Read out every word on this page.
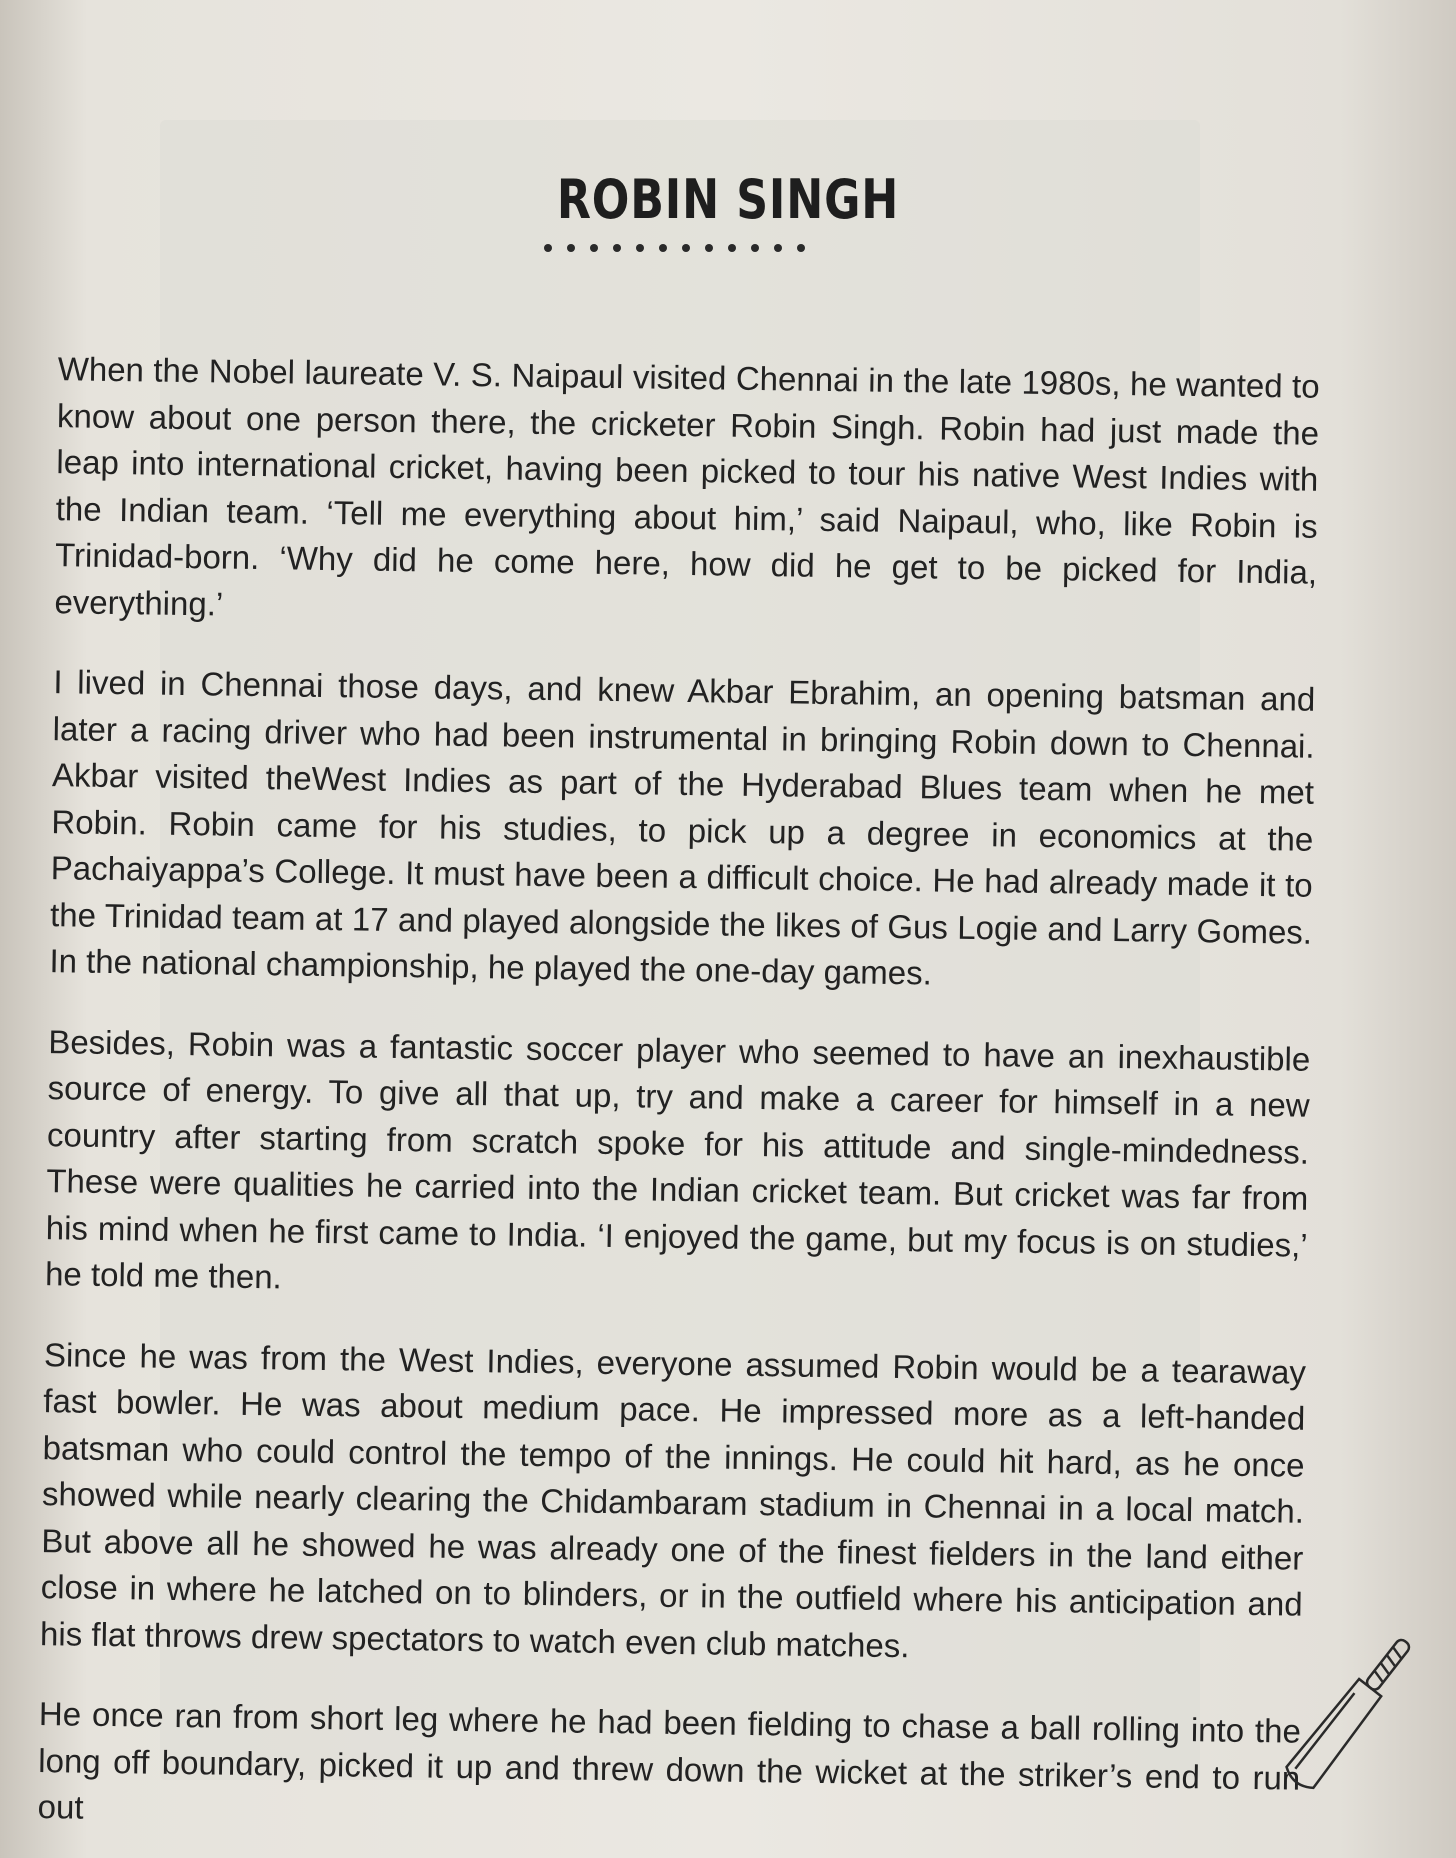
ROBIN SINGH

When the Nobel laureate V. S. Naipaul visited Chennai in the late 1980s, he wanted to know about one person there, the cricketer Robin Singh. Robin had just made the leap into international cricket, having been picked to tour his native West Indies with the Indian team. ‘Tell me everything about him,’ said Naipaul, who, like Robin is Trinidad-born. ‘Why did he come here, how did he get to be picked for India, everything.’

I lived in Chennai those days, and knew Akbar Ebrahim, an opening batsman and later a racing driver who had been instrumental in bringing Robin down to Chennai. Akbar visited theWest Indies as part of the Hyderabad Blues team when he met Robin. Robin came for his studies, to pick up a degree in economics at the Pachaiyappa’s College. It must have been a difficult choice. He had already made it to the Trinidad team at 17 and played alongside the likes of Gus Logie and Larry Gomes. In the national championship, he played the one-day games.

Besides, Robin was a fantastic soccer player who seemed to have an inexhaustible source of energy. To give all that up, try and make a career for himself in a new country after starting from scratch spoke for his attitude and single-mindedness. These were qualities he carried into the Indian cricket team. But cricket was far from his mind when he first came to India. ‘I enjoyed the game, but my focus is on studies,’ he told me then.

Since he was from the West Indies, everyone assumed Robin would be a tearaway fast bowler. He was about medium pace. He impressed more as a left-handed batsman who could control the tempo of the innings. He could hit hard, as he once showed while nearly clearing the Chidambaram stadium in Chennai in a local match. But above all he showed he was already one of the finest fielders in the land either close in where he latched on to blinders, or in the outfield where his anticipation and his flat throws drew spectators to watch even club matches.

He once ran from short leg where he had been fielding to chase a ball rolling into the long off boundary, picked it up and threw down the wicket at the striker’s end to run out
